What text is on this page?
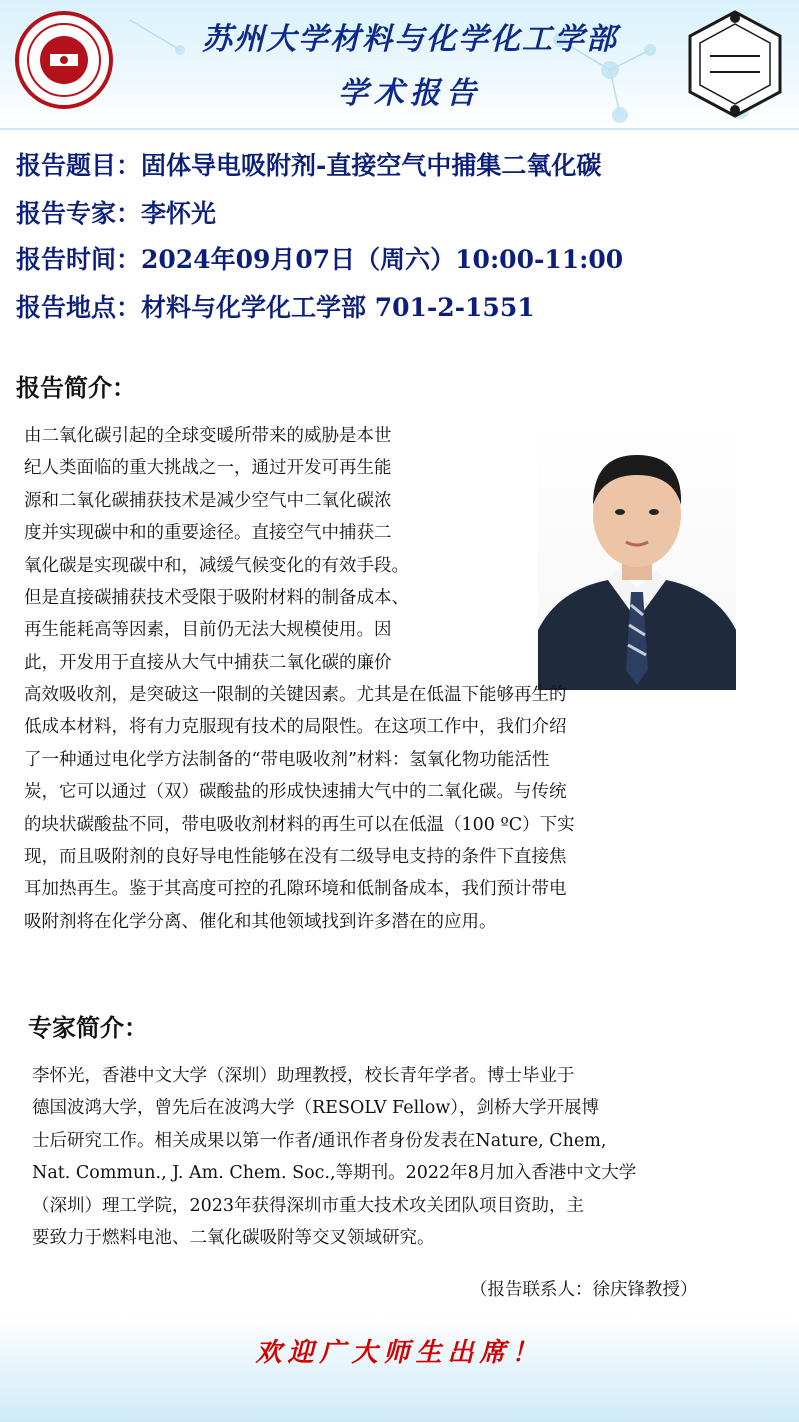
苏州大学材料与化学化工学部
学术报告
报告题目：固体导电吸附剂-直接空气中捕集二氧化碳
报告专家：李怀光
报告时间：2024年09月07日（周六）10:00-11:00
报告地点：材料与化学化工学部 701-2-1551
报告简介：

由二氧化碳引起的全球变暖所带来的威胁是本世

纪人类面临的重大挑战之一，通过开发可再生能

源和二氧化碳捕获技术是减少空气中二氧化碳浓

度并实现碳中和的重要途径。直接空气中捕获二

氧化碳是实现碳中和，减缓气候变化的有效手段。

但是直接碳捕获技术受限于吸附材料的制备成本、

再生能耗高等因素，目前仍无法大规模使用。因

此，开发用于直接从大气中捕获二氧化碳的廉价

高效吸收剂，是突破这一限制的关键因素。尤其是在低温下能够再生的

低成本材料，将有力克服现有技术的局限性。在这项工作中，我们介绍

了一种通过电化学方法制备的“带电吸收剂”材料：氢氧化物功能活性

炭，它可以通过（双）碳酸盐的形成快速捕大气中的二氧化碳。与传统

的块状碳酸盐不同，带电吸收剂材料的再生可以在低温（100 ºC）下实

现，而且吸附剂的良好导电性能够在没有二级导电支持的条件下直接焦

耳加热再生。鉴于其高度可控的孔隙环境和低制备成本，我们预计带电

吸附剂将在化学分离、催化和其他领域找到许多潜在的应用。

专家简介：

李怀光，香港中文大学（深圳）助理教授，校长青年学者。博士毕业于

德国波鸿大学，曾先后在波鸿大学（RESOLV Fellow），剑桥大学开展博

士后研究工作。相关成果以第一作者/通讯作者身份发表在Nature, Chem,

Nat. Commun., J. Am. Chem. Soc.,等期刊。2022年8月加入香港中文大学

（深圳）理工学院，2023年获得深圳市重大技术攻关团队项目资助，主

要致力于燃料电池、二氧化碳吸附等交叉领域研究。

（报告联系人：徐庆锋教授）
欢迎广大师生出席！
